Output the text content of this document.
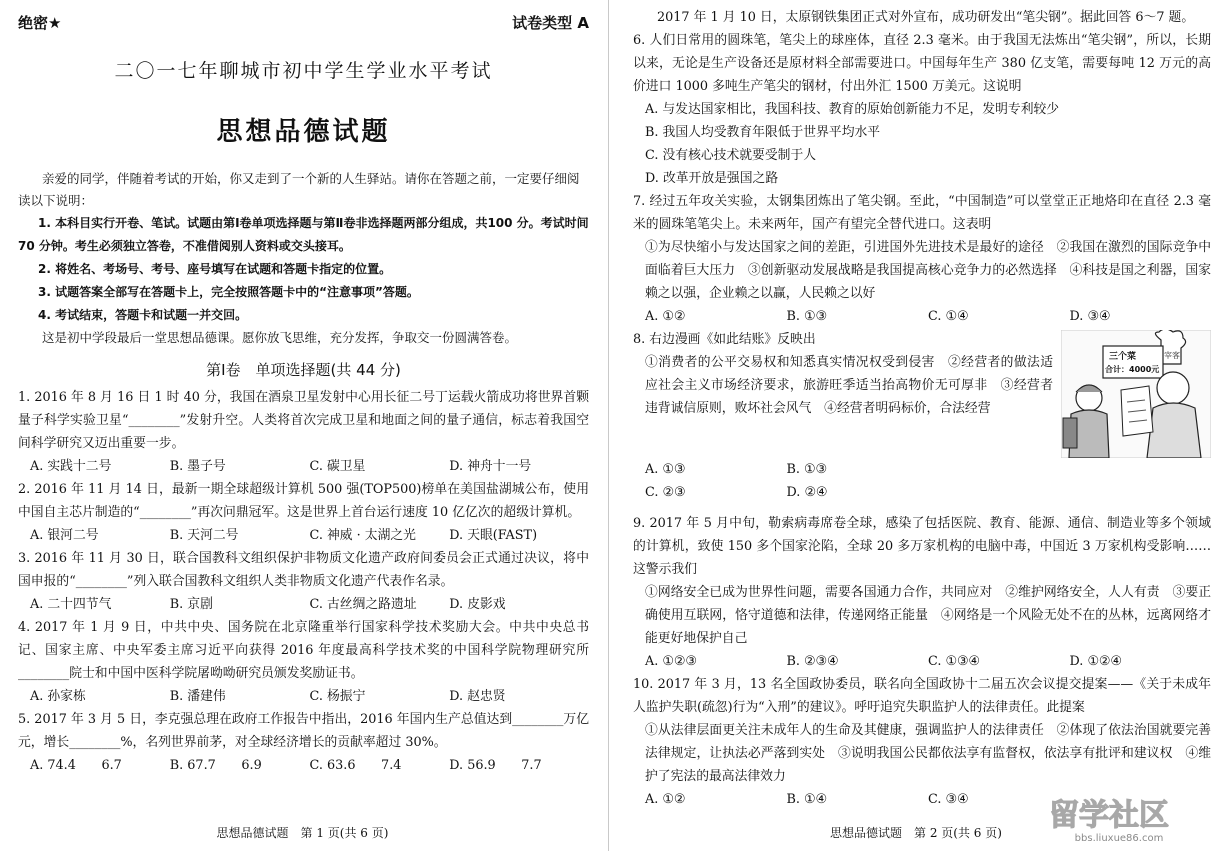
绝密★	试卷类型 A
二〇一七年聊城市初中学生学业水平考试
思想品德试题
亲爱的同学，伴随着考试的开始，你又走到了一个新的人生驿站。请你在答题之前，一定要仔细阅读以下说明：
1. 本科目实行开卷、笔试。试题由第Ⅰ卷单项选择题与第Ⅱ卷非选择题两部分组成，共100 分。考试时间 70 分钟。考生必须独立答卷，不准借阅别人资料或交头接耳。
2. 将姓名、考场号、考号、座号填写在试题和答题卡指定的位置。
3. 试题答案全部写在答题卡上，完全按照答题卡中的“注意事项”答题。
4. 考试结束，答题卡和试题一并交回。
这是初中学段最后一堂思想品德课。愿你放飞思维，充分发挥，争取交一份圆满答卷。
第Ⅰ卷　单项选择题(共 44 分)
1. 2016 年 8 月 16 日 1 时 40 分，我国在酒泉卫星发射中心用长征二号丁运载火箭成功将世界首颗量子科学实验卫星“________”发射升空。人类将首次完成卫星和地面之间的量子通信，标志着我国空间科学研究又迈出重要一步。
A. 实践十二号	B. 墨子号	C. 碳卫星	D. 神舟十一号
2. 2016 年 11 月 14 日，最新一期全球超级计算机 500 强(TOP500)榜单在美国盐湖城公布，使用中国自主芯片制造的“________”再次问鼎冠军。这是世界上首台运行速度 10 亿亿次的超级计算机。
A. 银河二号	B. 天河二号	C. 神威 · 太湖之光	D. 天眼(FAST)
3. 2016 年 11 月 30 日，联合国教科文组织保护非物质文化遗产政府间委员会正式通过决议，将中国申报的“________”列入联合国教科文组织人类非物质文化遗产代表作名录。
A. 二十四节气	B. 京剧	C. 古丝绸之路遗址	D. 皮影戏
4. 2017 年 1 月 9 日，中共中央、国务院在北京隆重举行国家科学技术奖励大会。中共中央总书记、国家主席、中央军委主席习近平向获得 2016 年度最高科学技术奖的中国科学院物理研究所________院士和中国中医科学院屠呦呦研究员颁发奖励证书。
A. 孙家栋	B. 潘建伟	C. 杨振宁	D. 赵忠贤
5. 2017 年 3 月 5 日，李克强总理在政府工作报告中指出，2016 年国内生产总值达到________万亿元，增长________%，名列世界前茅，对全球经济增长的贡献率超过 30%。
A. 74.4　　6.7	B. 67.7　　6.9	C. 63.6　　7.4	D. 56.9　　7.7
思想品德试题　第 1 页(共 6 页)
2017 年 1 月 10 日，太原钢铁集团正式对外宣布，成功研发出“笔尖钢”。据此回答 6～7 题。
6. 人们日常用的圆珠笔，笔尖上的球座体，直径 2.3 毫米。由于我国无法炼出“笔尖钢”，所以，长期以来，无论是生产设备还是原材料全部需要进口。中国每年生产 380 亿支笔，需要每吨 12 万元的高价进口 1000 多吨生产笔尖的钢材，付出外汇 1500 万美元。这说明
A. 与发达国家相比，我国科技、教育的原始创新能力不足，发明专利较少
B. 我国人均受教育年限低于世界平均水平
C. 没有核心技术就要受制于人
D. 改革开放是强国之路
7. 经过五年攻关实验，太钢集团炼出了笔尖钢。至此，“中国制造”可以堂堂正正地烙印在直径 2.3 毫米的圆珠笔笔尖上。未来两年，国产有望完全替代进口。这表明
①为尽快缩小与发达国家之间的差距，引进国外先进技术是最好的途径　②我国在激烈的国际竞争中面临着巨大压力　③创新驱动发展战略是我国提高核心竞争力的必然选择　④科技是国之利器，国家赖之以强，企业赖之以赢，人民赖之以好
A. ①②	B. ①③	C. ①④	D. ③④
8. 右边漫画《如此结账》反映出
①消费者的公平交易权和知悉真实情况权受到侵害　②经营者的做法适应社会主义市场经济要求，旅游旺季适当抬高物价无可厚非　③经营者违背诚信原则，败坏社会风气　④经营者明码标价，合法经营
宰客
三个菜
合计：4000元
A. ①③	B. ①③
C. ②③	D. ②④
9. 2017 年 5 月中旬，勒索病毒席卷全球，感染了包括医院、教育、能源、通信、制造业等多个领域的计算机，致使 150 多个国家沦陷，全球 20 多万家机构的电脑中毒，中国近 3 万家机构受影响……这警示我们
①网络安全已成为世界性问题，需要各国通力合作，共同应对　②维护网络安全，人人有责　③要正确使用互联网，恪守道德和法律，传递网络正能量　④网络是一个风险无处不在的丛林，远离网络才能更好地保护自己
A. ①②③	B. ②③④	C. ①③④	D. ①②④
10. 2017 年 3 月，13 名全国政协委员，联名向全国政协十二届五次会议提交提案——《关于未成年人监护失职(疏忽)行为“入刑”的建议》。呼吁追究失职监护人的法律责任。此提案
①从法律层面更关注未成年人的生命及其健康，强调监护人的法律责任　②体现了依法治国就要完善法律规定，让执法必严落到实处　③说明我国公民都依法享有监督权，依法享有批评和建议权　④维护了宪法的最高法律效力
A. ①②	B. ①④	C. ③④
思想品德试题　第 2 页(共 6 页)	留学社区
bbs.liuxue86.com
